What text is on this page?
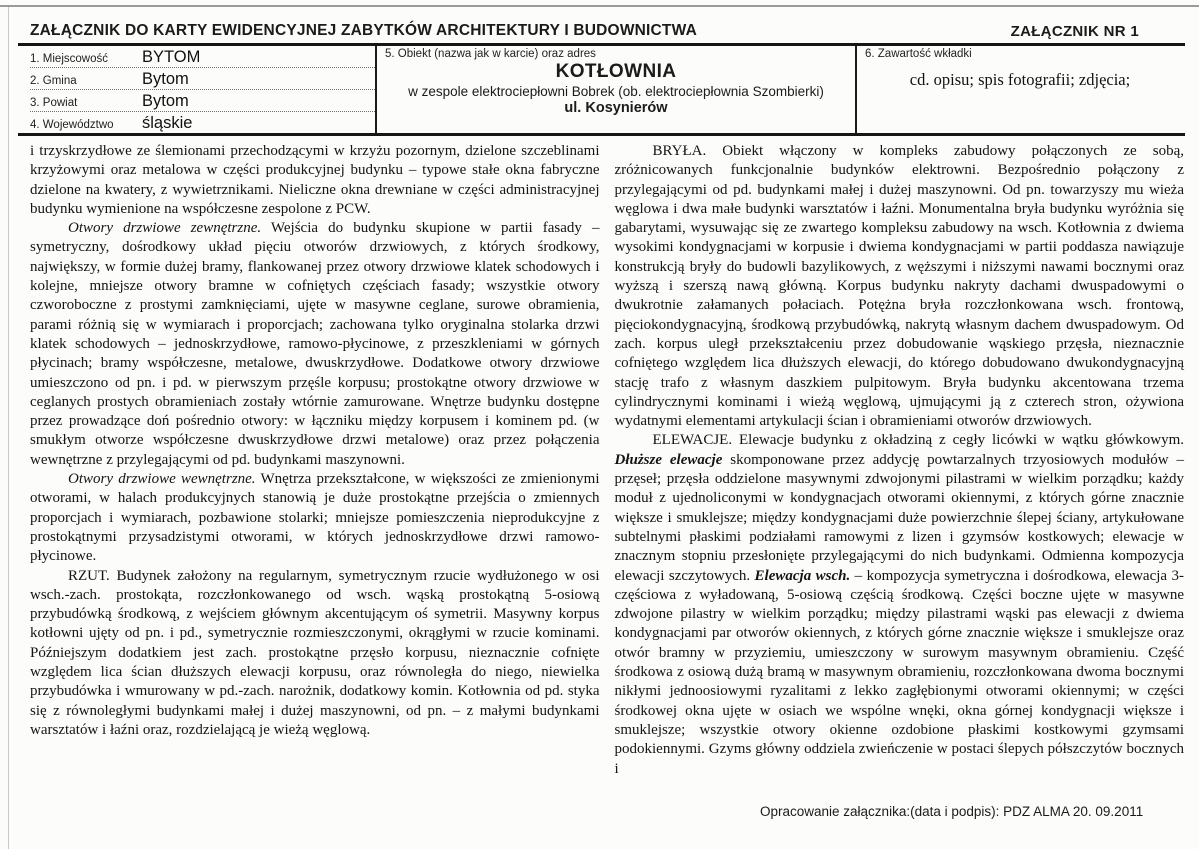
ZAŁĄCZNIK DO KARTY EWIDENCYJNEJ ZABYTKÓW ARCHITEKTURY I BUDOWNICTWA	ZAŁĄCZNIK NR 1
1. Miejscowość	BYTOM
2. Gmina	Bytom
3. Powiat	Bytom
4. Województwo	śląskie
5. Obiekt (nazwa jak w karcie) oraz adres
KOTŁOWNIA
w zespole elektrociepłowni Bobrek (ob. elektrociepłownia Szombierki)
ul. Kosynierów
6. Zawartość wkładki
cd. opisu; spis fotografii; zdjęcia;

i trzyskrzydłowe ze ślemionami przechodzącymi w krzyżu pozornym, dzielone szczeblinami krzyżowymi oraz metalowa w części produkcyjnej budynku – typowe stałe okna fabryczne dzielone na kwatery, z wywietrznikami. Nieliczne okna drewniane w części administracyjnej budynku wymienione na współczesne zespolone z PCW.

Otwory drzwiowe zewnętrzne. Wejścia do budynku skupione w partii fasady – symetryczny, dośrodkowy układ pięciu otworów drzwiowych, z których środkowy, największy, w formie dużej bramy, flankowanej przez otwory drzwiowe klatek schodowych i kolejne, mniejsze otwory bramne w cofniętych częściach fasady; wszystkie otwory czworoboczne z prostymi zamknięciami, ujęte w masywne ceglane, surowe obramienia, parami różnią się w wymiarach i proporcjach; zachowana tylko oryginalna stolarka drzwi klatek schodowych – jednoskrzydłowe, ramowo-płycinowe, z przeszkleniami w górnych płycinach; bramy współczesne, metalowe, dwuskrzydłowe. Dodatkowe otwory drzwiowe umieszczono od pn. i pd. w pierwszym przęśle korpusu; prostokątne otwory drzwiowe w ceglanych prostych obramieniach zostały wtórnie zamurowane. Wnętrze budynku dostępne przez prowadzące doń pośrednio otwory: w łączniku między korpusem i kominem pd. (w smukłym otworze współczesne dwuskrzydłowe drzwi metalowe) oraz przez połączenia wewnętrzne z przylegającymi od pd. budynkami maszynowni.

Otwory drzwiowe wewnętrzne. Wnętrza przekształcone, w większości ze zmienionymi otworami, w halach produkcyjnych stanowią je duże prostokątne przejścia o zmiennych proporcjach i wymiarach, pozbawione stolarki; mniejsze pomieszczenia nieprodukcyjne z prostokątnymi przysadzistymi otworami, w których jednoskrzydłowe drzwi ramowo-płycinowe.

RZUT. Budynek założony na regularnym, symetrycznym rzucie wydłużonego w osi wsch.-zach. prostokąta, rozczłonkowanego od wsch. wąską prostokątną 5-osiową przybudówką środkową, z wejściem głównym akcentującym oś symetrii. Masywny korpus kotłowni ujęty od pn. i pd., symetrycznie rozmieszczonymi, okrągłymi w rzucie kominami. Późniejszym dodatkiem jest zach. prostokątne przęsło korpusu, nieznacznie cofnięte względem lica ścian dłuższych elewacji korpusu, oraz równoległa do niego, niewielka przybudówka i wmurowany w pd.-zach. narożnik, dodatkowy komin. Kotłownia od pd. styka się z równoległymi budynkami małej i dużej maszynowni, od pn. – z małymi budynkami warsztatów i łaźni oraz, rozdzielającą je wieżą węglową.

BRYŁA. Obiekt włączony w kompleks zabudowy połączonych ze sobą, zróżnicowanych funkcjonalnie budynków elektrowni. Bezpośrednio połączony z przylegającymi od pd. budynkami małej i dużej maszynowni. Od pn. towarzyszy mu wieża węglowa i dwa małe budynki warsztatów i łaźni. Monumentalna bryła budynku wyróżnia się gabarytami, wysuwając się ze zwartego kompleksu zabudowy na wsch. Kotłownia z dwiema wysokimi kondygnacjami w korpusie i dwiema kondygnacjami w partii poddasza nawiązuje konstrukcją bryły do budowli bazylikowych, z węższymi i niższymi nawami bocznymi oraz wyższą i szerszą nawą główną. Korpus budynku nakryty dachami dwuspadowymi o dwukrotnie załamanych połaciach. Potężna bryła rozczłonkowana wsch. frontową, pięciokondygnacyjną, środkową przybudówką, nakrytą własnym dachem dwuspadowym. Od zach. korpus uległ przekształceniu przez dobudowanie wąskiego przęsła, nieznacznie cofniętego względem lica dłuższych elewacji, do którego dobudowano dwukondygnacyjną stację trafo z własnym daszkiem pulpitowym. Bryła budynku akcentowana trzema cylindrycznymi kominami i wieżą węglową, ujmującymi ją z czterech stron, ożywiona wydatnymi elementami artykulacji ścian i obramieniami otworów drzwiowych.

ELEWACJE. Elewacje budynku z okładziną z cegły licówki w wątku główkowym. Dłuższe elewacje skomponowane przez addycję powtarzalnych trzyosiowych modułów – przęseł; przęsła oddzielone masywnymi zdwojonymi pilastrami w wielkim porządku; każdy moduł z ujednoliconymi w kondygnacjach otworami okiennymi, z których górne znacznie większe i smuklejsze; między kondygnacjami duże powierzchnie ślepej ściany, artykułowane subtelnymi płaskimi podziałami ramowymi z lizen i gzymsów kostkowych; elewacje w znacznym stopniu przesłonięte przylegającymi do nich budynkami. Odmienna kompozycja elewacji szczytowych. Elewacja wsch. – kompozycja symetryczna i dośrodkowa, elewacja 3-częściowa z wyładowaną, 5-osiową częścią środkową. Części boczne ujęte w masywne zdwojone pilastry w wielkim porządku; między pilastrami wąski pas elewacji z dwiema kondygnacjami par otworów okiennych, z których górne znacznie większe i smuklejsze oraz otwór bramny w przyziemiu, umieszczony w surowym masywnym obramieniu. Część środkowa z osiową dużą bramą w masywnym obramieniu, rozczłonkowana dwoma bocznymi nikłymi jednoosiowymi ryzalitami z lekko zagłębionymi otworami okiennymi; w części środkowej okna ujęte w osiach we wspólne wnęki, okna górnej kondygnacji większe i smuklejsze; wszystkie otwory okienne ozdobione płaskimi kostkowymi gzymsami podokiennymi. Gzyms główny oddziela zwieńczenie w postaci ślepych półszczytów bocznych i

Opracowanie załącznika:(data i podpis): PDZ ALMA 20. 09.2011
